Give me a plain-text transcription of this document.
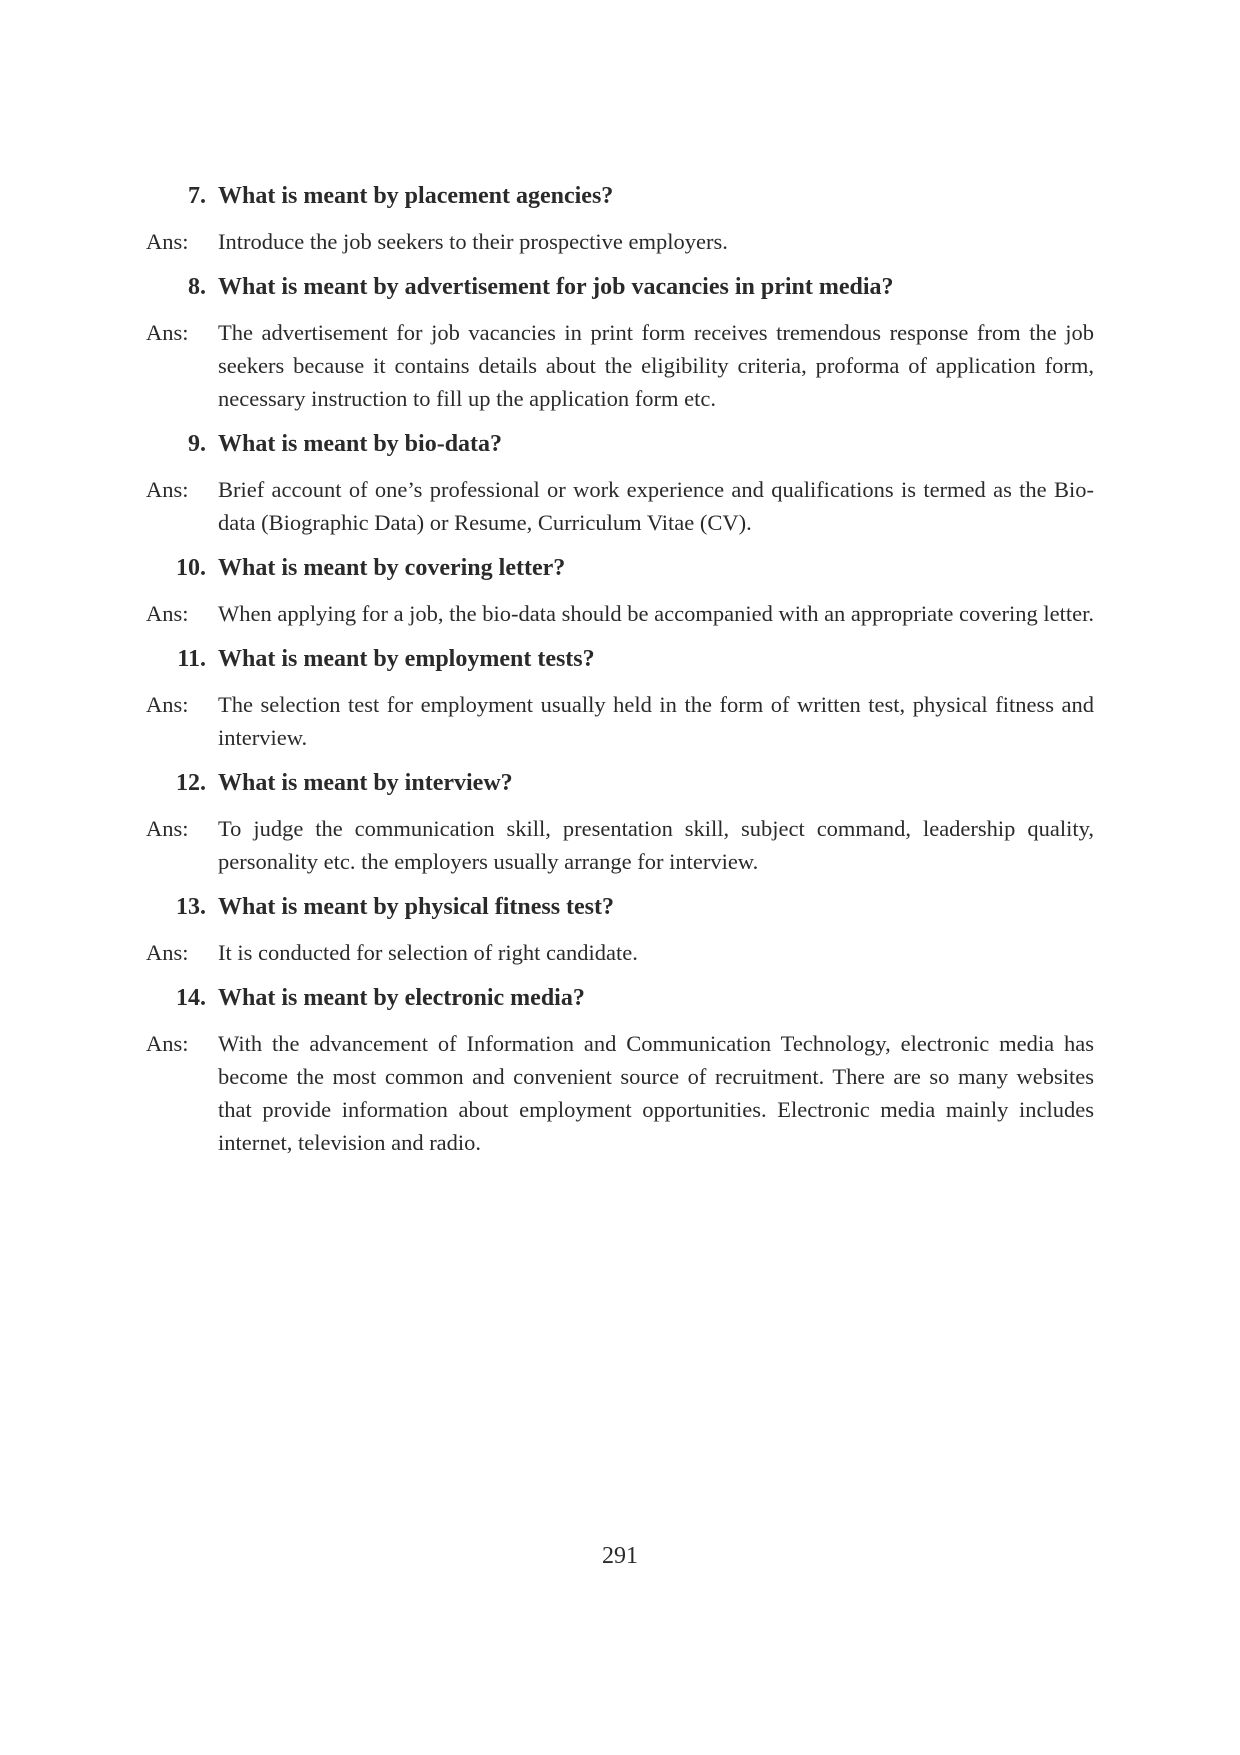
7. What is meant by placement agencies?
Ans:	Introduce the job seekers to their prospective employers.
8. What is meant by advertisement for job vacancies in print media?
Ans:	The advertisement for job vacancies in print form receives tremendous response from the job seekers because it contains details about the eligibility criteria, proforma of application form, necessary instruction to fill up the application form etc.
9. What is meant by bio-data?
Ans:	Brief account of one’s professional or work experience and qualifications is termed as the Bio-data (Biographic Data) or Resume, Curriculum Vitae (CV).
10. What is meant by covering letter?
Ans:	When applying for a job, the bio-data should be accompanied with an appropriate covering letter.
11. What is meant by employment tests?
Ans:	The selection test for employment usually held in the form of written test, physical fitness and interview.
12. What is meant by interview?
Ans:	To judge the communication skill, presentation skill, subject command, leadership quality, personality etc. the employers usually arrange for interview.
13. What is meant by physical fitness test?
Ans:	It is conducted for selection of right candidate.
14. What is meant by electronic media?
Ans:	With the advancement of Information and Communication Technology, electronic media has become the most common and convenient source of recruitment. There are so many websites that provide information about employment opportunities. Electronic media mainly includes internet, television and radio.
291
